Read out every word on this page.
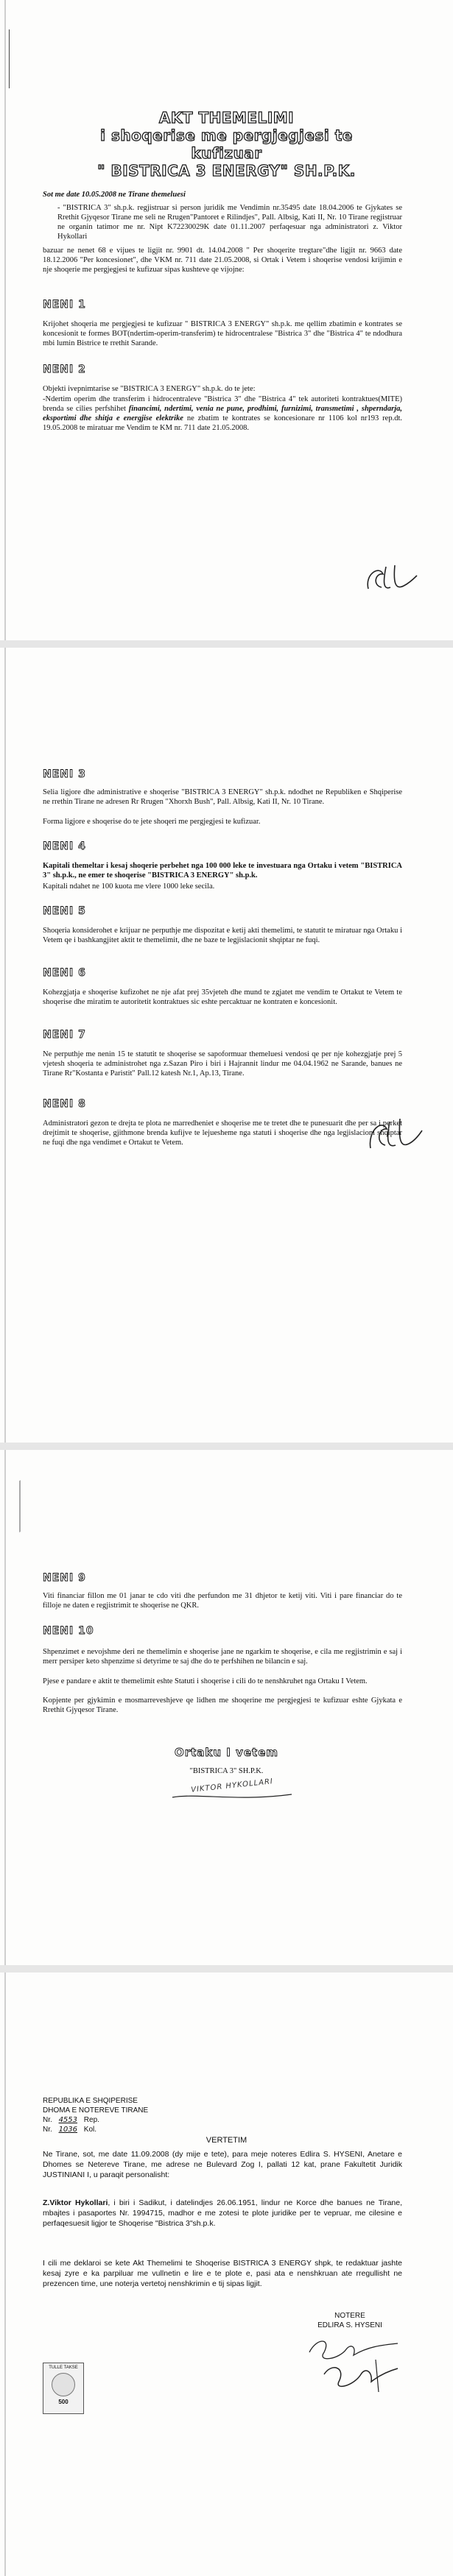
AKT THEMELIMI

i shoqerise me pergjegjesi te

kufizuar

" BISTRICA 3 ENERGY" SH.P.K.

Sot me date 10.05.2008 ne Tirane themeluesi
- "BISTRICA 3" sh.p.k. regjistruar si person juridik me Vendimin nr.35495 date 18.04.2006 te Gjykates se Rrethit Gjyqesor Tirane me seli ne Rrugen"Pantoret e Rilindjes", Pall. Albsig, Kati II, Nr. 10 Tirane regjistruar ne organin tatimor me nr. Nipt K72230029K date 01.11.2007 perfaqesuar nga administratori z. Viktor Hykollari
bazuar ne nenet 68 e vijues te ligjit nr. 9901 dt. 14.04.2008 " Per shoqerite tregtare"dhe ligjit nr. 9663 date 18.12.2006 "Per koncesionet", dhe VKM nr. 711 date 21.05.2008, si Ortak i Vetem i shoqerise vendosi krijimin e nje shoqerie me pergjegjesi te kufizuar sipas kushteve qe vijojne:
NENI 1
Krijohet shoqeria me pergjegjesi te kufizuar " BISTRICA 3 ENERGY" sh.p.k. me qellim zbatimin e kontrates se koncesionit te formes BOT(ndertim-operim-transferim) te hidrocentralese "Bistrica 3" dhe "Bistrica 4" te ndodhura mbi lumin Bistrice te rrethit Sarande.
NENI 2
Objekti ivepnimtarise se "BISTRICA 3 ENERGY" sh.p.k. do te jete:
-Ndertim operim dhe transferim i hidrocentraleve "Bistrica 3" dhe "Bistrica 4" tek autoriteti kontraktues(MITE) brenda se cilies perfshihet financimi, ndertimi, venia ne pune, prodhimi, furnizimi, transmetimi , shperndarja, eksportimi dhe shitja e energjise elektrike ne zbatim te kontrates se koncesionare nr 1106 kol nr193 rep.dt. 19.05.2008 te miratuar me Vendim te KM nr. 711 date 21.05.2008.
NENI 3
Selia ligjore dhe administrative e shoqerise "BISTRICA 3 ENERGY" sh.p.k. ndodhet ne Republiken e Shqiperise ne rrethin Tirane ne adresen Rr Rrugen "Xhorxh Bush", Pall. Albsig, Kati II, Nr. 10 Tirane.
Forma ligjore e shoqerise do te jete shoqeri me pergjegjesi te kufizuar.
NENI 4
Kapitali themeltar i kesaj shoqerie perbehet nga 100 000 leke te investuara nga Ortaku i vetem "BISTRICA 3" sh.p.k., ne emer te shoqerise "BISTRICA 3 ENERGY" sh.p.k.
Kapitali ndahet ne 100 kuota me vlere 1000 leke secila.
NENI 5
Shoqeria konsiderohet e krijuar ne perputhje me dispozitat e ketij akti themelimi, te statutit te miratuar nga Ortaku i Vetem qe i bashkangjitet aktit te themelimit, dhe ne baze te legjislacionit shqiptar ne fuqi.
NENI 6
Kohezgjatja e shoqerise kufizohet ne nje afat prej 35vjeteh dhe mund te zgjatet me vendim te Ortakut te Vetem te shoqerise dhe miratim te autoritetit kontraktues sic eshte percaktuar ne kontraten e koncesionit.
NENI 7
Ne perputhje me nenin 15 te statutit te shoqerise se sapoformuar themeluesi vendosi qe per nje kohezgjatje prej 5 vjetesh shoqeria te administrohet nga z.Sazan Piro i biri i Hajrannit lindur me 04.04.1962 ne Sarande, banues ne Tirane Rr"Kostanta e Paristit" Pall.12 katesh Nr.1, Ap.13, Tirane.
NENI 8
Administratori gezon te drejta te plota ne marredheniet e shoqerise me te tretet dhe te punesuarit dhe per sa i perket drejtimit te shoqerise, gjithmone brenda kufijve te lejuesheme nga statuti i shoqerise dhe nga legjislacioni shqiptar ne fuqi dhe nga vendimet e Ortakut te Vetem.
NENI 9
Viti financiar fillon me 01 janar te cdo viti dhe perfundon me 31 dhjetor te ketij viti. Viti i pare financiar do te filloje ne daten e regjistrimit te shoqerise ne QKR.
NENI 10
Shpenzimet e nevojshme deri ne themelimin e shoqerise jane ne ngarkim te shoqerise, e cila me regjistrimin e saj i merr persiper keto shpenzime si detyrime te saj dhe do te perfshihen ne bilancin e saj.
Pjese e pandare e aktit te themelimit eshte Statuti i shoqerise i cili do te nenshkruhet nga Ortaku I Vetem.
Kopjente per gjykimin e mosmarreveshjeve qe lidhen me shoqerine me pergjegjesi te kufizuar eshte Gjykata e Rrethit Gjyqesor Tirane.
Ortaku I vetem
"BISTRICA 3" SH.P.K.
VIKTOR HYKOLLARI
REPUBLIKA E SHQIPERISE
DHOMA E NOTEREVE TIRANE
Nr. 4553 Rep.
Nr. 1036 Kol.
VERTETIM
Ne Tirane, sot, me date 11.09.2008 (dy mije e tete), para meje noteres Edlira S. HYSENI, Anetare e Dhomes se Netereve Tirane, me adrese ne Bulevard Zog I, pallati 12 kat, prane Fakultetit Juridik JUSTINIANI I, u paraqit personalisht:
Z.Viktor Hykollari, i biri i Sadikut, i datelindjes 26.06.1951, lindur ne Korce dhe banues ne Tirane, mbajtes i pasaportes Nr. 1994715, madhor e me zotesi te plote juridike per te vepruar, me cilesine e perfaqesuesit ligjor te Shoqerise "Bistrica 3"sh.p.k.
I cili me deklaroi se kete Akt Themelimi te Shoqerise BISTRICA 3 ENERGY shpk, te redaktuar jashte kesaj zyre e ka parpiluar me vullnetin e lire e te plote e, pasi ata e nenshkruan ate rregullisht ne prezencen time, une noterja vertetoj nenshkrimin e tij sipas ligjit.
NOTERE
EDLIRA S. HYSENI
TULLE TAKSE
500
